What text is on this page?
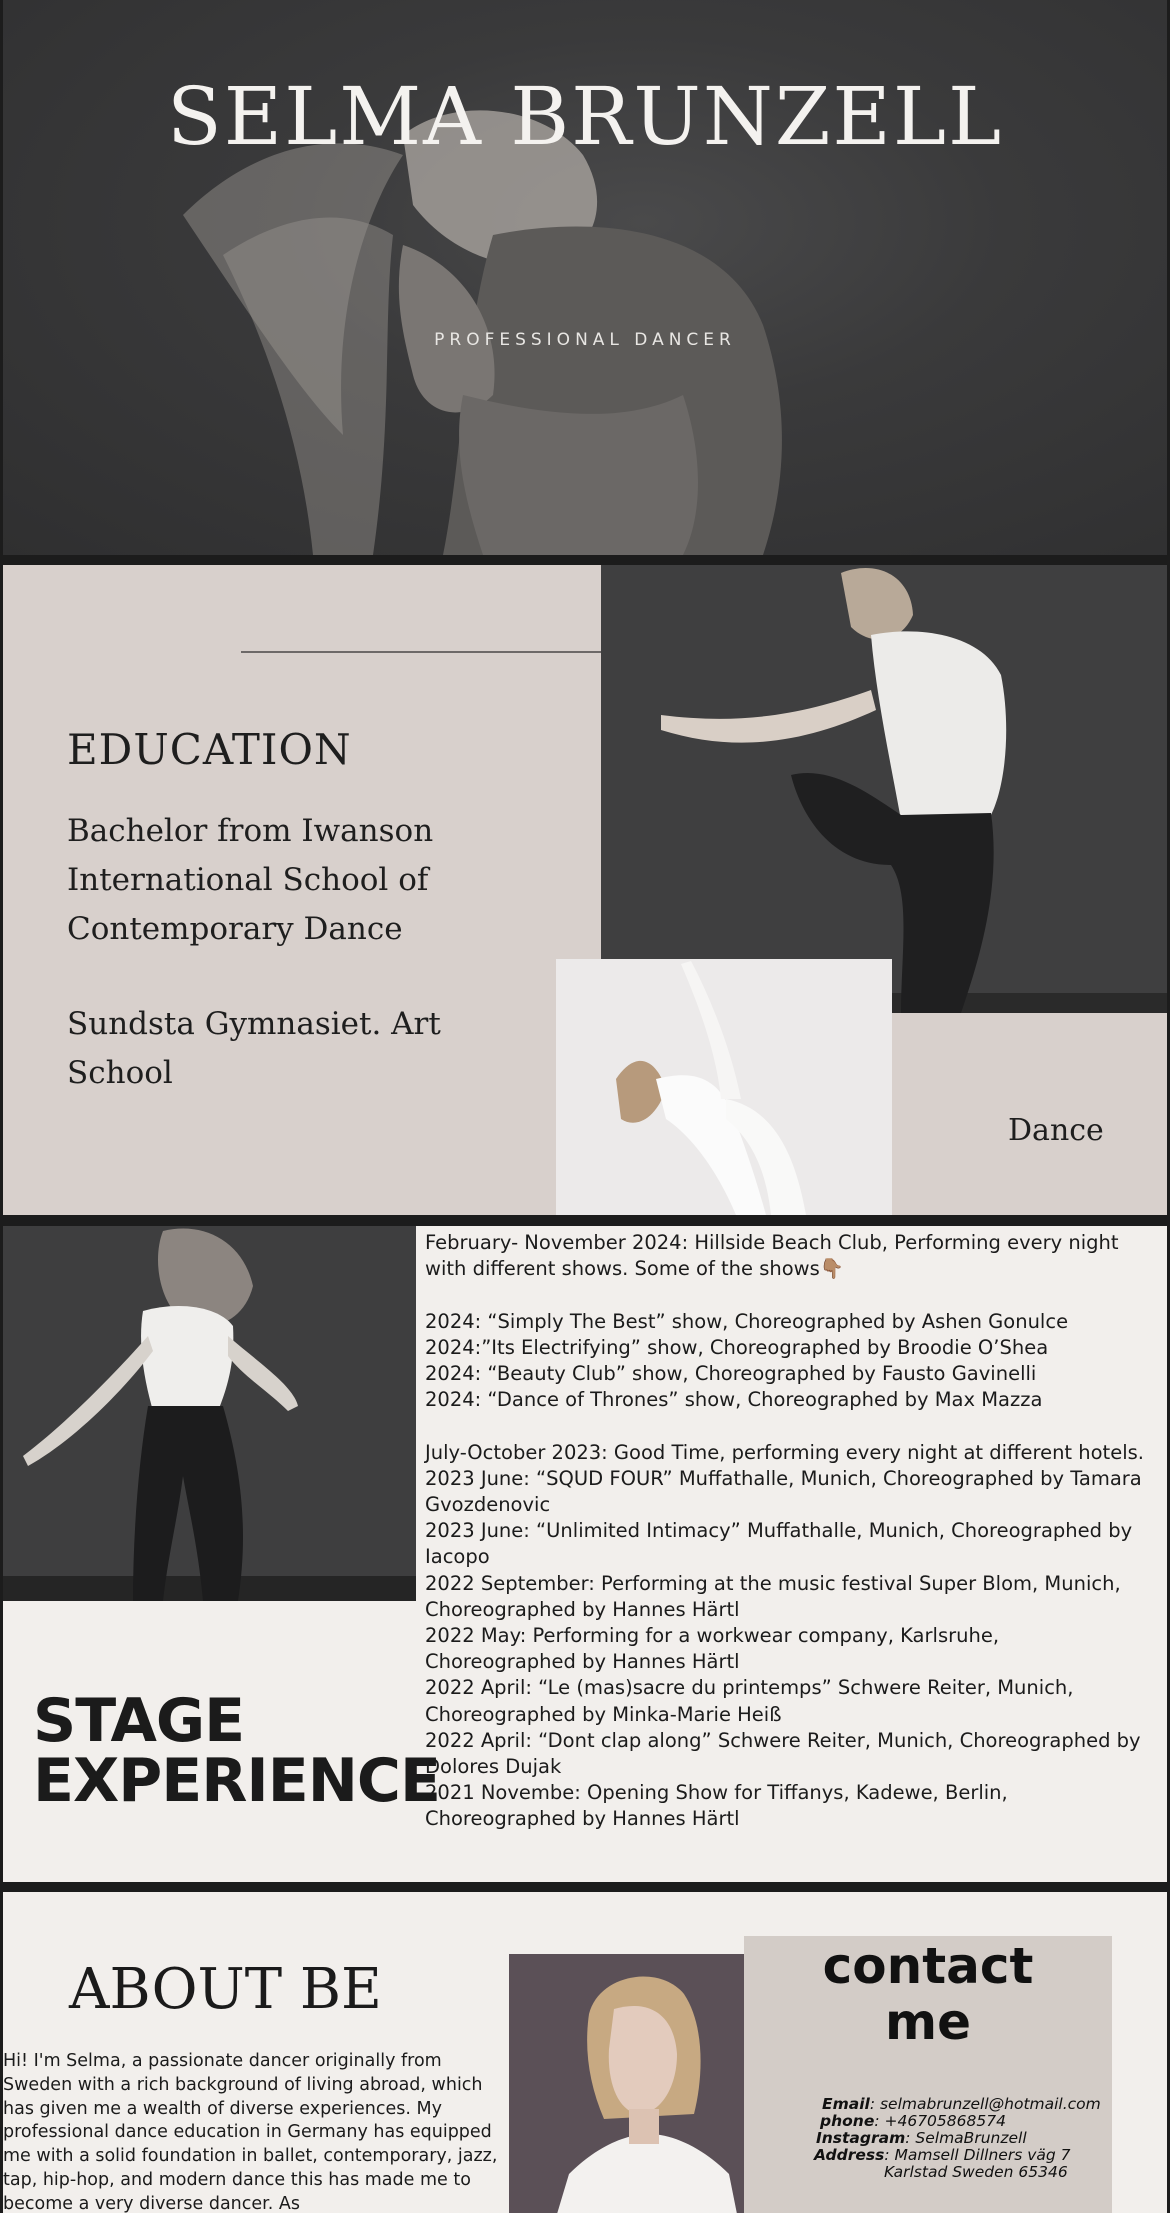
SELMA BRUNZELL
PROFESSIONAL DANCER
EDUCATION
Bachelor from Iwanson International School of Contemporary Dance
Sundsta Gymnasiet. Art School
Dance
STAGE
EXPERIENCE
February- November 2024: Hillside Beach Club, Performing every night with different shows. Some of the shows👇🏽
2024: “Simply The Best” show, Choreographed by Ashen Gonulce
2024:”Its Electrifying” show, Choreographed by Broodie O’Shea
2024: “Beauty Club” show, Choreographed by Fausto Gavinelli
2024: “Dance of Thrones” show, Choreographed by Max Mazza
July-October 2023: Good Time, performing every night at different hotels.
2023 June: “SQUD FOUR” Muffathalle, Munich, Choreographed by Tamara Gvozdenovic
2023 June: “Unlimited Intimacy” Muffathalle, Munich, Choreographed by Iacopo
2022 September: Performing at the music festival Super Blom, Munich, Choreographed by Hannes Härtl
2022 May: Performing for a workwear company, Karlsruhe, Choreographed by Hannes Härtl
2022 April: “Le (mas)sacre du printemps” Schwere Reiter, Munich, Choreographed by Minka-Marie Heiß
2022 April: “Dont clap along” Schwere Reiter, Munich, Choreographed by Dolores Dujak
2021 Novembe: Opening Show for Tiffanys, Kadewe, Berlin, Choreographed by Hannes Härtl
ABOUT BE
Hi! I'm Selma, a passionate dancer originally from Sweden with a rich background of living abroad, which has given me a wealth of diverse experiences. My professional dance education in Germany has equipped me with a solid foundation in ballet, contemporary, jazz, tap, hip-hop, and modern dance this has made me to become a very diverse dancer. As
contact
me
Email: selmabrunzell@hotmail.com
phone: +46705868574
Instagram: SelmaBrunzell
Address: Mamsell Dillners väg 7
Karlstad Sweden 65346
